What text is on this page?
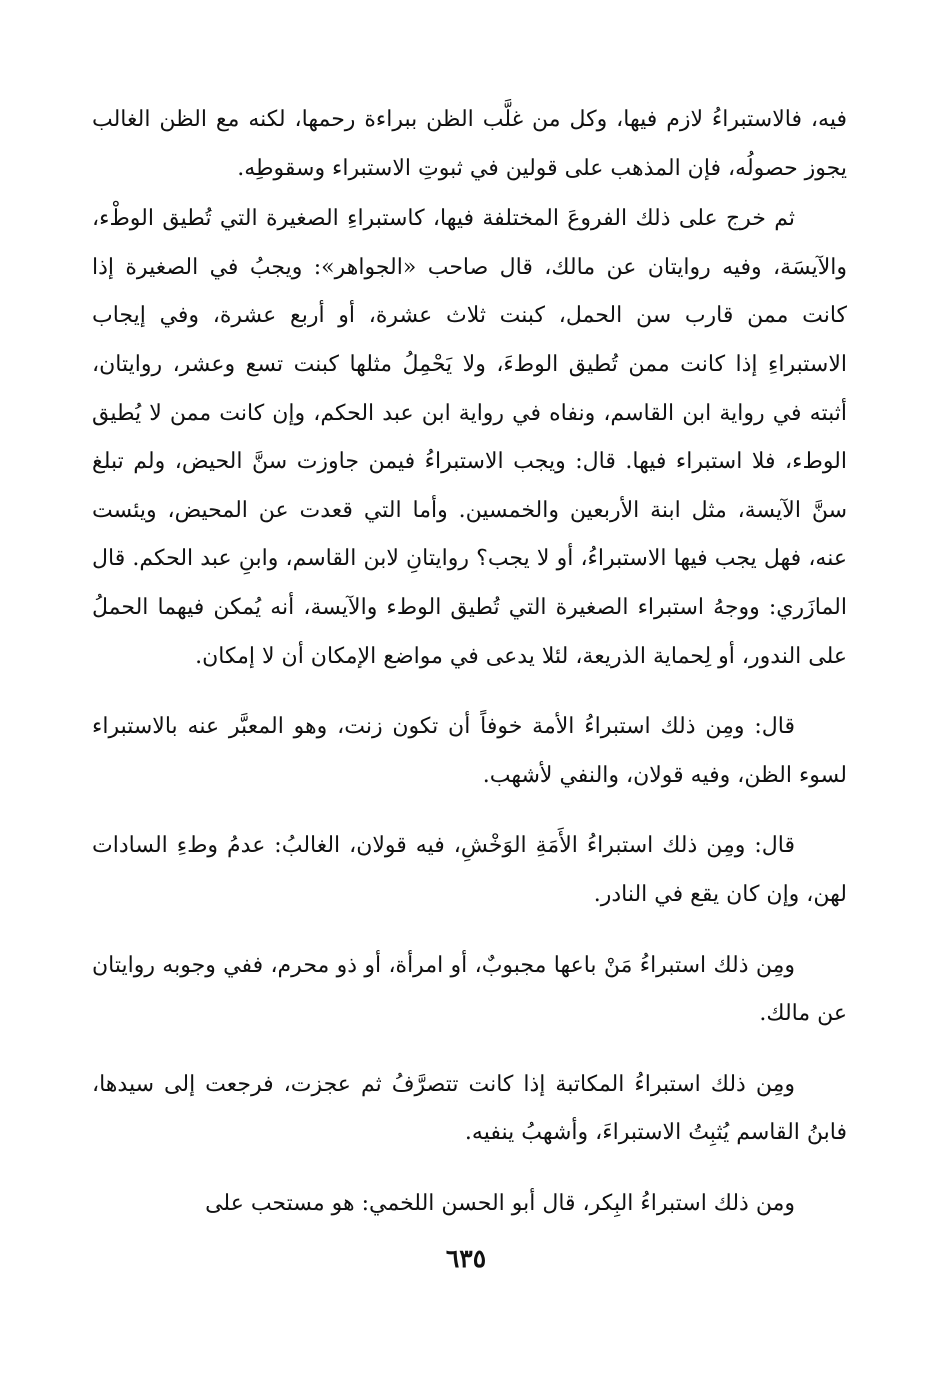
فيه، فالاستبراءُ لازم فيها، وكل من غلَّب الظن ببراءة رحمها، لكنه مع الظن الغالب يجوز حصولُه، فإن المذهب على قولين في ثبوتِ الاستبراء وسقوطِه.

ثم خرج على ذلك الفروعَ المختلفة فيها، كاستبراءِ الصغيرة التي تُطيق الوطْء، والآيسَة، وفيه روايتان عن مالك، قال صاحب «الجواهر»: ويجبُ في الصغيرة إذا كانت ممن قارب سن الحمل، كبنت ثلاث عشرة، أو أربع عشرة، وفي إيجاب الاستبراءِ إذا كانت ممن تُطيق الوطءَ، ولا يَحْمِلُ مثلها كبنت تسع وعشر، روايتان، أثبته في رواية ابن القاسم، ونفاه في رواية ابن عبد الحكم، وإن كانت ممن لا يُطيق الوطء، فلا استبراء فيها. قال: ويجب الاستبراءُ فيمن جاوزت سنَّ الحيض، ولم تبلغ سنَّ الآيسة، مثل ابنة الأربعين والخمسين. وأما التي قعدت عن المحيض، ويئست عنه، فهل يجب فيها الاستبراءُ، أو لا يجب؟ روايتانِ لابن القاسم، وابنِ عبد الحكم. قال المازَري: ووجهُ استبراء الصغيرة التي تُطيق الوطء والآيسة، أنه يُمكن فيهما الحملُ على الندور، أو لِحماية الذريعة، لئلا يدعى في مواضع الإمكان أن لا إمكان.

قال: ومِن ذلك استبراءُ الأمة خوفاً أن تكون زنت، وهو المعبَّر عنه بالاستبراء لسوء الظن، وفيه قولان، والنفي لأشهب.

قال: ومِن ذلك استبراءُ الأَمَةِ الوَخْشِ، فيه قولان، الغالبُ: عدمُ وطءِ السادات لهن، وإن كان يقع في النادر.

ومِن ذلك استبراءُ مَنْ باعها مجبوبٌ، أو امرأة، أو ذو محرم، ففي وجوبه روايتان عن مالك.

ومِن ذلك استبراءُ المكاتبة إذا كانت تتصرَّفُ ثم عجزت، فرجعت إلى سيدها، فابنُ القاسم يُثبِتُ الاستبراءَ، وأشهبُ ينفيه.

ومن ذلك استبراءُ البِكر، قال أبو الحسن اللخمي: هو مستحب على

٦٣٥
